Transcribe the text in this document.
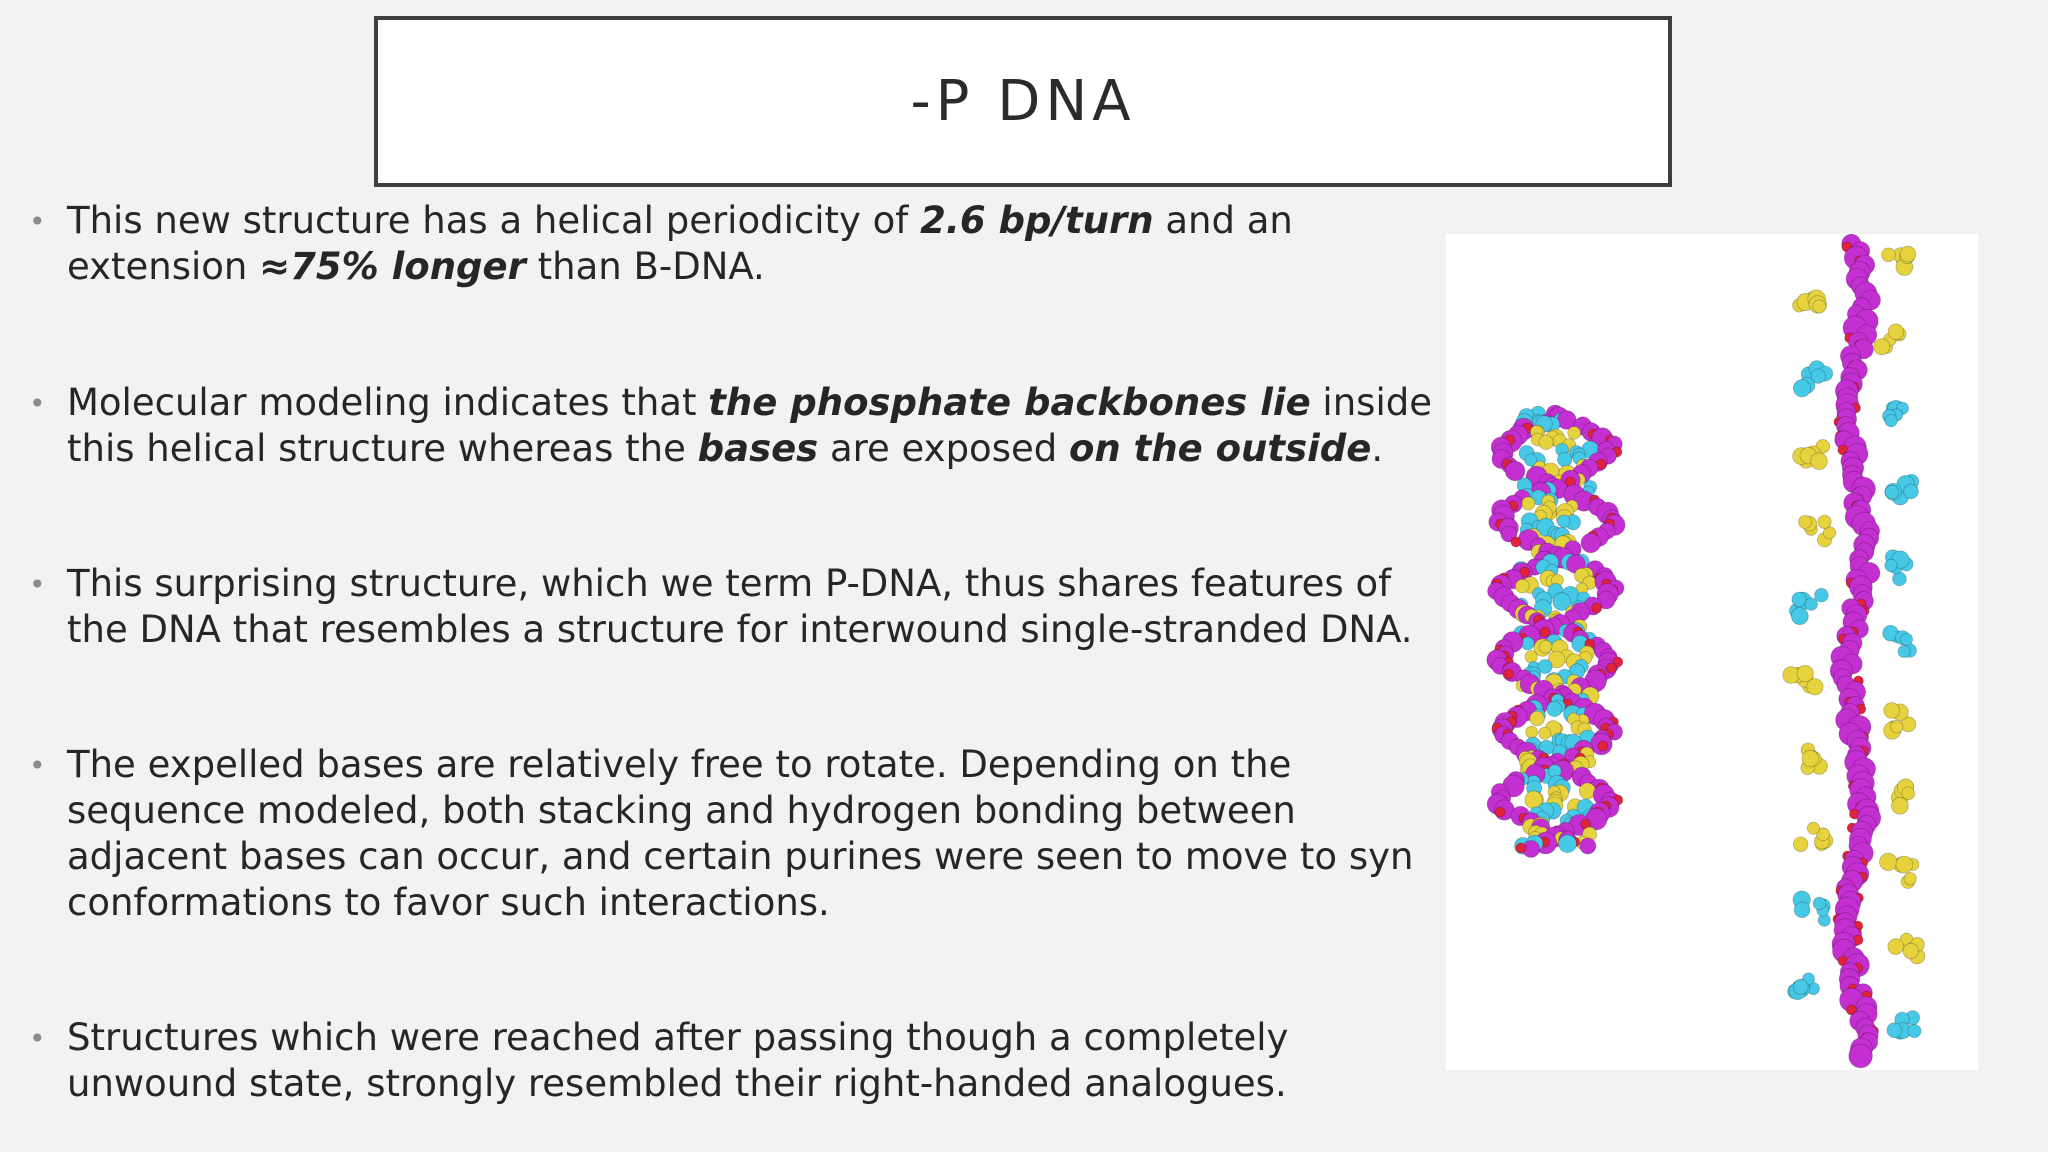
-P DNA
• This new structure has a helical periodicity of 2.6 bp/turn and an extension ≈75% longer than B-DNA.
• Molecular modeling indicates that the phosphate backbones lie inside this helical structure whereas the bases are exposed on the outside.
• This surprising structure, which we term P-DNA, thus shares features of the DNA that resembles a structure for interwound single-stranded DNA.
• The expelled bases are relatively free to rotate. Depending on the sequence modeled, both stacking and hydrogen bonding between adjacent bases can occur, and certain purines were seen to move to syn conformations to favor such interactions.
• Structures which were reached after passing though a completely unwound state, strongly resembled their right-handed analogues.
